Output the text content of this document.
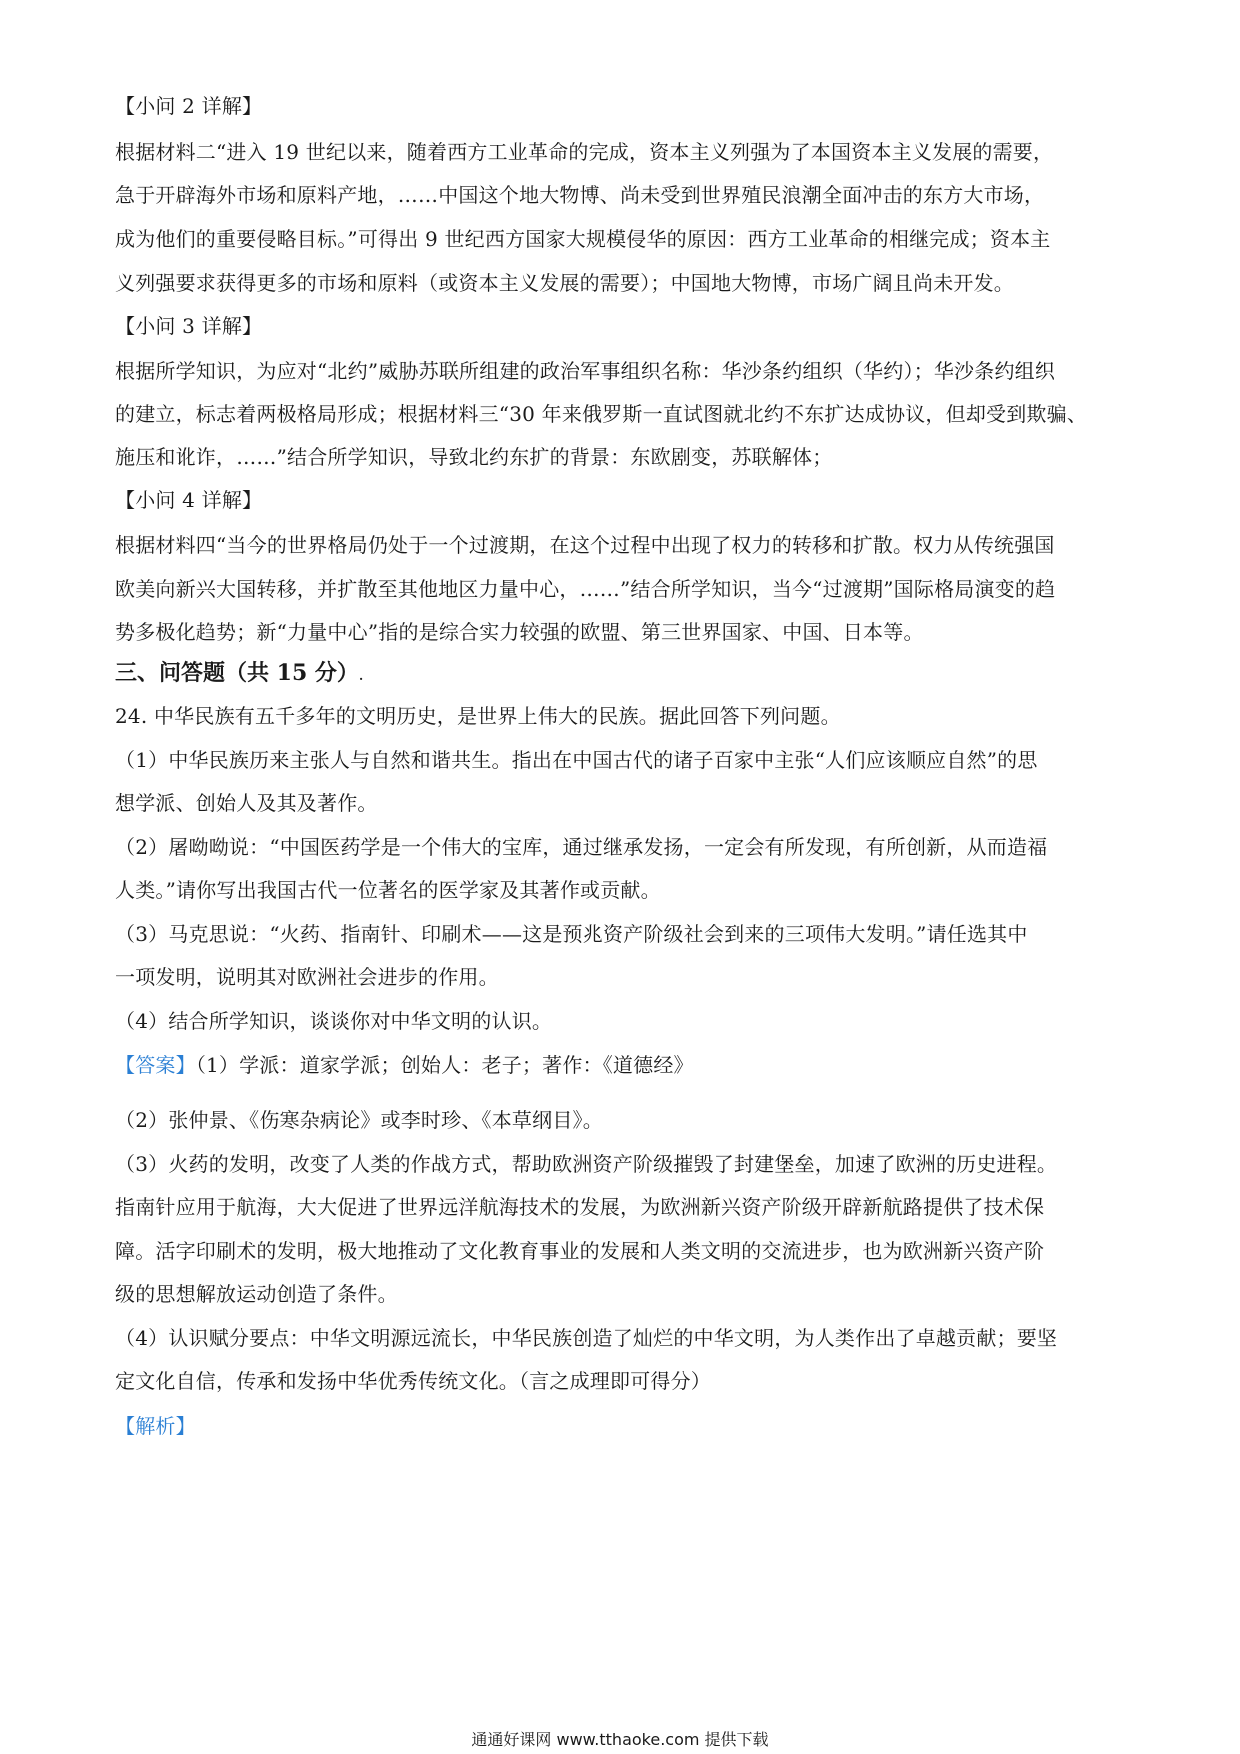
【小问 2 详解】
根据材料二“进入 19 世纪以来，随着西方工业革命的完成，资本主义列强为了本国资本主义发展的需要，
急于开辟海外市场和原料产地，……中国这个地大物博、尚未受到世界殖民浪潮全面冲击的东方大市场，
成为他们的重要侵略目标。”可得出 9 世纪西方国家大规模侵华的原因：西方工业革命的相继完成；资本主
义列强要求获得更多的市场和原料（或资本主义发展的需要）；中国地大物博，市场广阔且尚未开发。
【小问 3 详解】
根据所学知识，为应对“北约”威胁苏联所组建的政治军事组织名称：华沙条约组织（华约）；华沙条约组织
的建立，标志着两极格局形成；根据材料三“30 年来俄罗斯一直试图就北约不东扩达成协议，但却受到欺骗、
施压和讹诈，……”结合所学知识，导致北约东扩的背景：东欧剧变，苏联解体；
【小问 4 详解】
根据材料四“当今的世界格局仍处于一个过渡期，在这个过程中出现了权力的转移和扩散。权力从传统强国
欧美向新兴大国转移，并扩散至其他地区力量中心，……”结合所学知识，当今“过渡期”国际格局演变的趋
势多极化趋势；新“力量中心”指的是综合实力较强的欧盟、第三世界国家、中国、日本等。
三、问答题（共 15 分）.
24. 中华民族有五千多年的文明历史，是世界上伟大的民族。据此回答下列问题。
（1）中华民族历来主张人与自然和谐共生。指出在中国古代的诸子百家中主张“人们应该顺应自然”的思
想学派、创始人及其及著作。
（2）屠呦呦说：“中国医药学是一个伟大的宝库，通过继承发扬，一定会有所发现，有所创新，从而造福
人类。”请你写出我国古代一位著名的医学家及其著作或贡献。
（3）马克思说：“火药、指南针、印刷术——这是预兆资产阶级社会到来的三项伟大发明。”请任选其中
一项发明，说明其对欧洲社会进步的作用。
（4）结合所学知识，谈谈你对中华文明的认识。
【答案】（1）学派：道家学派；创始人：老子；著作：《道德经》
（2）张仲景、《伤寒杂病论》或李时珍、《本草纲目》。
（3）火药的发明，改变了人类的作战方式，帮助欧洲资产阶级摧毁了封建堡垒，加速了欧洲的历史进程。
指南针应用于航海，大大促进了世界远洋航海技术的发展，为欧洲新兴资产阶级开辟新航路提供了技术保
障。活字印刷术的发明，极大地推动了文化教育事业的发展和人类文明的交流进步，也为欧洲新兴资产阶
级的思想解放运动创造了条件。
（4）认识赋分要点：中华文明源远流长，中华民族创造了灿烂的中华文明，为人类作出了卓越贡献；要坚
定文化自信，传承和发扬中华优秀传统文化。（言之成理即可得分）
【解析】
通通好课网 www.tthaoke.com 提供下载
